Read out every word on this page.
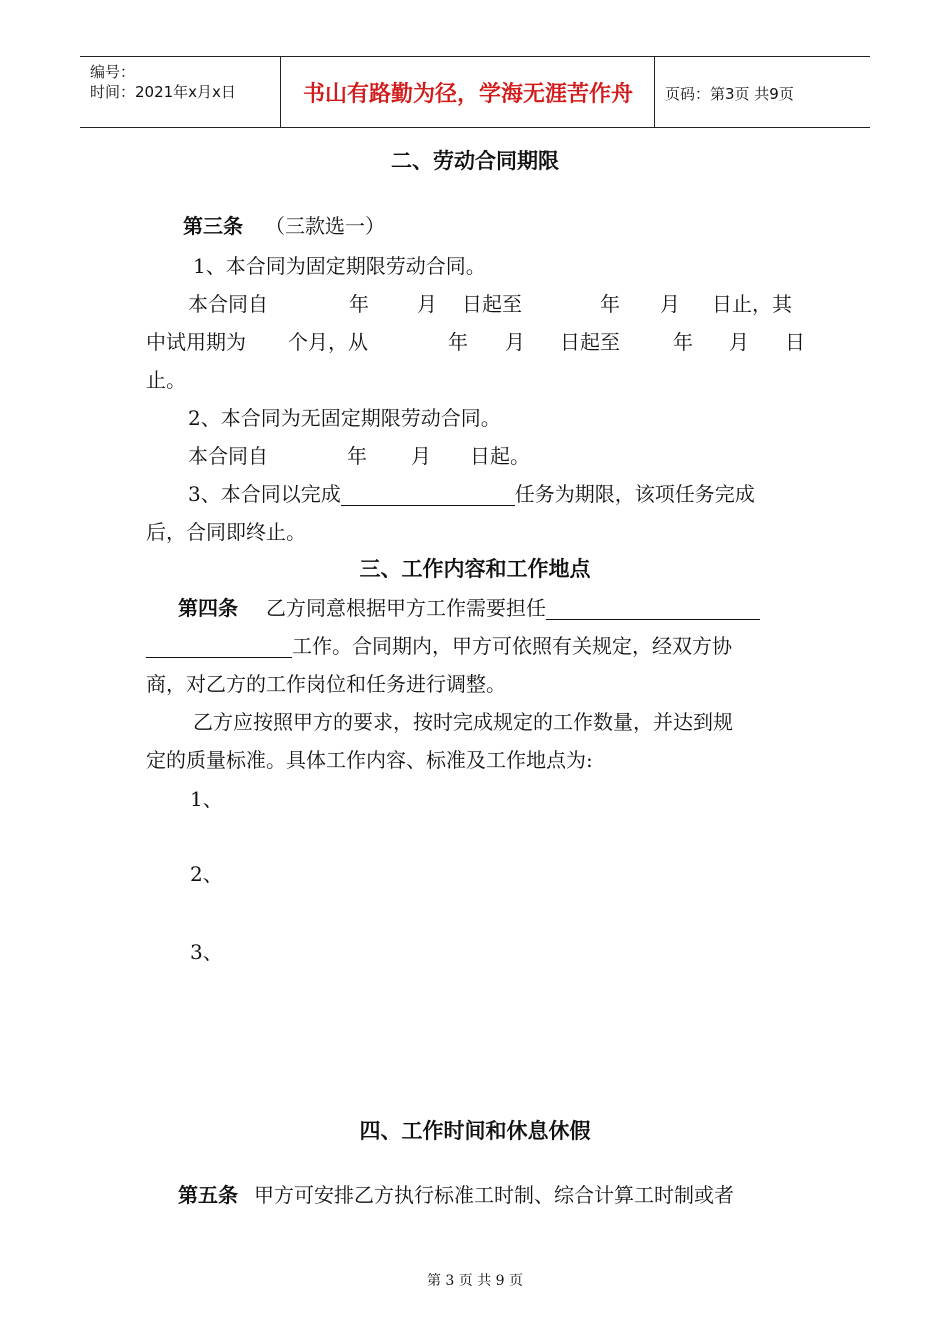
编号：
时间：2021年x月x日	书山有路勤为径，学海无涯苦作舟	页码：第3页 共9页
二、劳动合同期限
第三条 （三款选一）
1、本合同为固定期限劳动合同。
本合同自	年 月 日起至	年 月 日止，其
中试用期为 个月，从	年 月 日起至	年 月 日
止。
2、本合同为无固定期限劳动合同。
本合同自	年 月 日起。
3、本合同以完成	任务为期限，该项任务完成
后，合同即终止。
三、工作内容和工作地点
第四条 乙方同意根据甲方工作需要担任
工作。合同期内，甲方可依照有关规定，经双方协
商，对乙方的工作岗位和任务进行调整。
乙方应按照甲方的要求，按时完成规定的工作数量，并达到规
定的质量标准。具体工作内容、标准及工作地点为:
1、
2、
3、
四、工作时间和休息休假
第五条 甲方可安排乙方执行标准工时制、综合计算工时制或者
第 3 页 共 9 页
